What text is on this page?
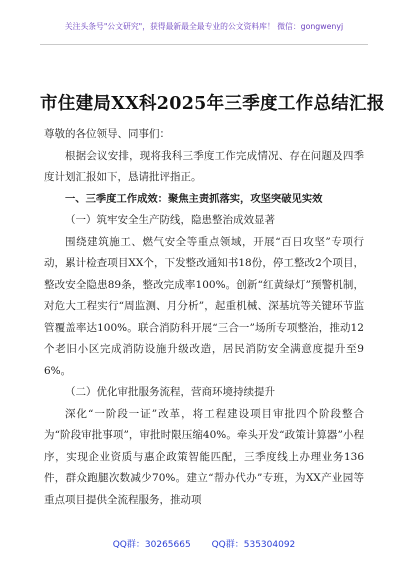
关注头条号"公文研究"，获得最新最全最专业的公文资料库！ 微信：gongwenyj
市住建局XX科2025年三季度工作总结汇报

尊敬的各位领导、同事们：

根据会议安排，现将我科三季度工作完成情况、存在问题及四季度计划汇报如下，恳请批评指正。

一、三季度工作成效：聚焦主责抓落实，攻坚突破见实效

（一）筑牢安全生产防线，隐患整治成效显著

围绕建筑施工、燃气安全等重点领域，开展“百日攻坚”专项行动，累计检查项目XX个，下发整改通知书18份，停工整改2个项目，整改安全隐患89条，整改完成率100%。创新“红黄绿灯”预警机制，对危大工程实行“周监测、月分析”，起重机械、深基坑等关键环节监管覆盖率达100%。联合消防科开展“三合一”场所专项整治，推动12个老旧小区完成消防设施升级改造，居民消防安全满意度提升至96%。

（二）优化审批服务流程，营商环境持续提升

深化“一阶段一证”改革，将工程建设项目审批四个阶段整合为“阶段审批事项”，审批时限压缩40%。牵头开发“政策计算器”小程序，实现企业资质与惠企政策智能匹配，三季度线上办理业务136件，群众跑腿次数减少70%。建立“帮办代办”专班，为XX产业园等重点项目提供全流程服务，推动项

QQ群：30265665 QQ群：535304092
